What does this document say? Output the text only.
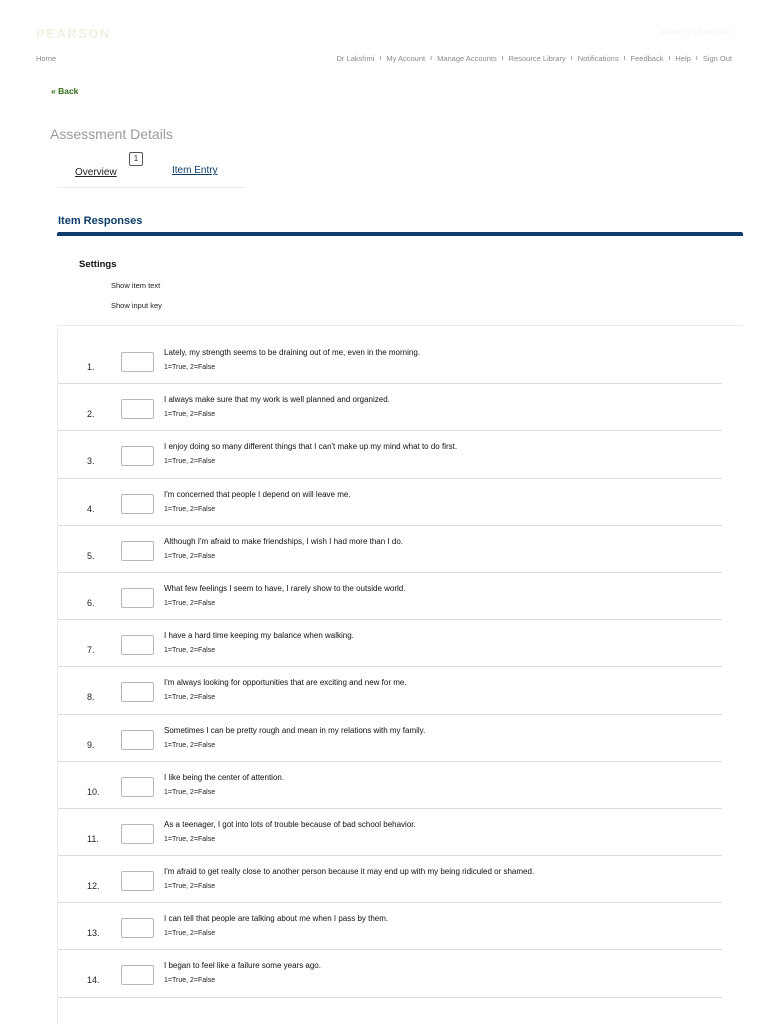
PEARSON	ALWAYS LEARNING
Home	Dr Lakshmi ı My Account ı Manage Accounts ı Resource Library ı Notifications ı Feedback ı Help ı Sign Out
« Back
Assessment Details
Overview
1
Item Entry
Item Responses
Settings
Show item text
Show input key
1.
Lately, my strength seems to be draining out of me, even in the morning.
1=True, 2=False
2.
I always make sure that my work is well planned and organized.
1=True, 2=False
3.
I enjoy doing so many different things that I can't make up my mind what to do first.
1=True, 2=False
4.
I'm concerned that people I depend on will leave me.
1=True, 2=False
5.
Although I'm afraid to make friendships, I wish I had more than I do.
1=True, 2=False
6.
What few feelings I seem to have, I rarely show to the outside world.
1=True, 2=False
7.
I have a hard time keeping my balance when walking.
1=True, 2=False
8.
I'm always looking for opportunities that are exciting and new for me.
1=True, 2=False
9.
Sometimes I can be pretty rough and mean in my relations with my family.
1=True, 2=False
10.
I like being the center of attention.
1=True, 2=False
11.
As a teenager, I got into lots of trouble because of bad school behavior.
1=True, 2=False
12.
I'm afraid to get really close to another person because it may end up with my being ridiculed or shamed.
1=True, 2=False
13.
I can tell that people are talking about me when I pass by them.
1=True, 2=False
14.
I began to feel like a failure some years ago.
1=True, 2=False
